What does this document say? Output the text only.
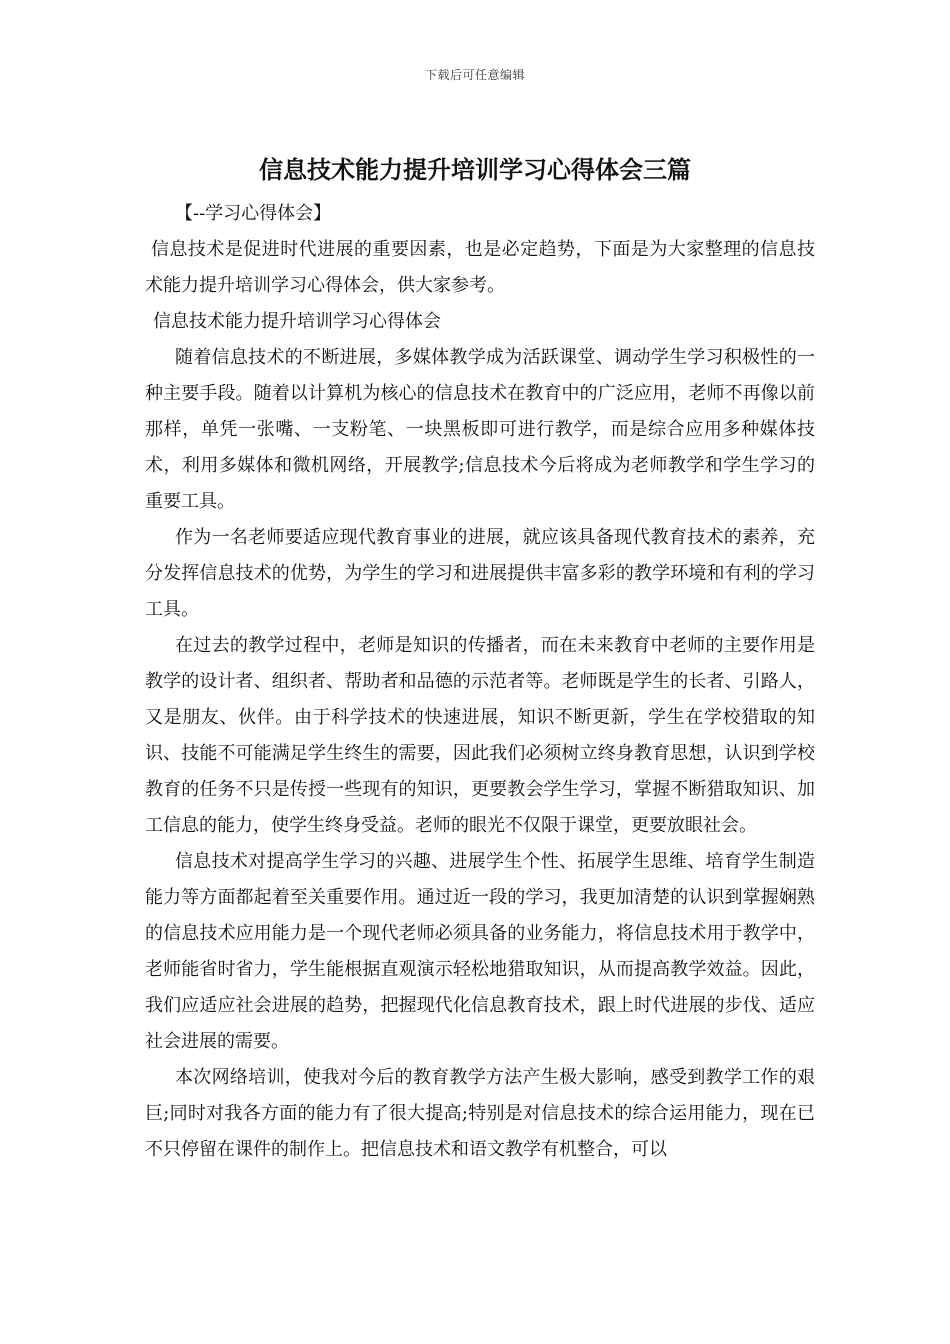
下载后可任意编辑
信息技术能力提升培训学习心得体会三篇

【--学习心得体会】

信息技术是促进时代进展的重要因素，也是必定趋势，下面是为大家整理的信息技术能力提升培训学习心得体会，供大家参考。

信息技术能力提升培训学习心得体会

随着信息技术的不断进展，多媒体教学成为活跃课堂、调动学生学习积极性的一种主要手段。随着以计算机为核心的信息技术在教育中的广泛应用，老师不再像以前那样，单凭一张嘴、一支粉笔、一块黑板即可进行教学，而是综合应用多种媒体技术，利用多媒体和微机网络，开展教学;信息技术今后将成为老师教学和学生学习的重要工具。

作为一名老师要适应现代教育事业的进展，就应该具备现代教育技术的素养，充分发挥信息技术的优势，为学生的学习和进展提供丰富多彩的教学环境和有利的学习工具。

在过去的教学过程中，老师是知识的传播者，而在未来教育中老师的主要作用是教学的设计者、组织者、帮助者和品德的示范者等。老师既是学生的长者、引路人，又是朋友、伙伴。由于科学技术的快速进展，知识不断更新，学生在学校猎取的知识、技能不可能满足学生终生的需要，因此我们必须树立终身教育思想，认识到学校教育的任务不只是传授一些现有的知识，更要教会学生学习，掌握不断猎取知识、加工信息的能力，使学生终身受益。老师的眼光不仅限于课堂，更要放眼社会。

信息技术对提高学生学习的兴趣、进展学生个性、拓展学生思维、培育学生制造能力等方面都起着至关重要作用。通过近一段的学习，我更加清楚的认识到掌握娴熟的信息技术应用能力是一个现代老师必须具备的业务能力，将信息技术用于教学中，老师能省时省力，学生能根据直观演示轻松地猎取知识，从而提高教学效益。因此，我们应适应社会进展的趋势，把握现代化信息教育技术，跟上时代进展的步伐、适应社会进展的需要。

本次网络培训，使我对今后的教育教学方法产生极大影响，感受到教学工作的艰巨;同时对我各方面的能力有了很大提高;特别是对信息技术的综合运用能力，现在已不只停留在课件的制作上。把信息技术和语文教学有机整合，可以
